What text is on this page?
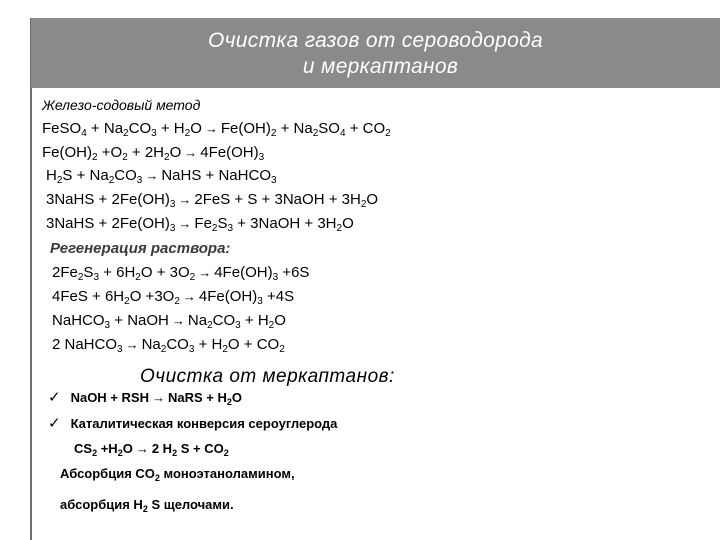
Очистка газов от сероводорода
и меркаптанов
Железо-содовый метод
FeSO$_4$ + $Na_2CO_3 + H_2O \to Fe(OH)_2 + Na_2SO_4 + CO_2$
$Fe(OH)_2 +O_2 + 2H_2O \to 4Fe(OH)_3$
$H_2S + Na_2CO_3$ → NaHS + NaHCO$_3$
3NaHS + $2Fe(OH)_3 \to 2FeS + S$ + 3NaOH + $3H_2O$
3NaHS + $2Fe(OH)_3 \to Fe_2S_3$ + 3NaOH + $3H_2O$
Регенерация раствора:
$2Fe_2S_3 + 6H_2O + 3O_2 \to 4Fe(OH)_3 +6S$
$4FeS + 6H_2O +3O_2 \to 4Fe(OH)_3 +4S$
NaHCO$_3$ + NaOH → $Na_2CO_3 + H_2O$
2 NaHCO$_3$ → $Na_2CO_3 + H_2O + CO_2$
Очистка от меркаптанов:
✓ NaOH + RSH → NaRS + $H_2O$
✓ Каталитическая конверсия сероуглерода
$CS_2 +H_2O \to 2$ $H_2$ $S + CO_2$
Абсорбция $CO_2$ моноэтаноламином,
абсорбция $H_2$ S щелочами.
